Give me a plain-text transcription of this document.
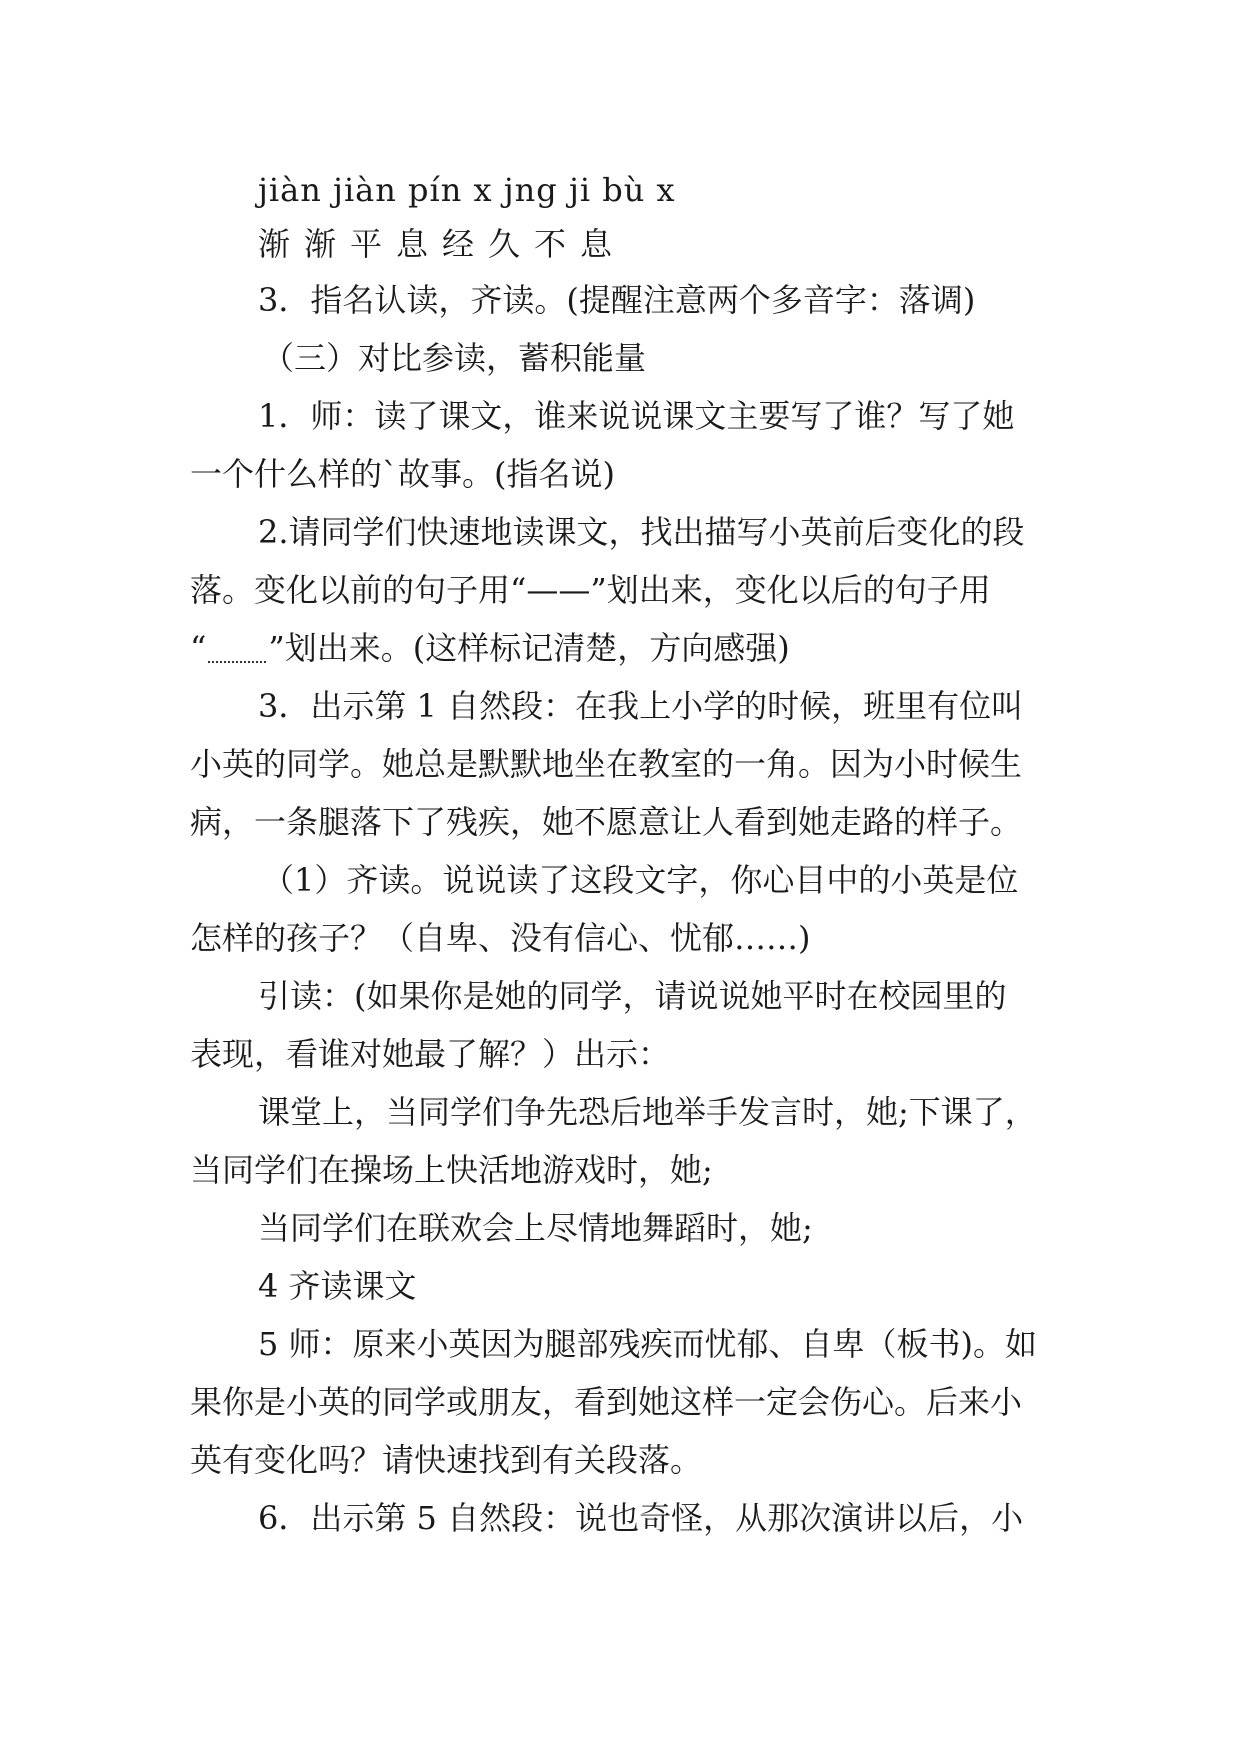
jiàn jiàn pín x jng ji bù x
渐渐平息经久不息
3．指名认读，齐读。(提醒注意两个多音字：落调)
（三）对比参读，蓄积能量
1．师：读了课文，谁来说说课文主要写了谁？写了她
一个什么样的`故事。(指名说)
2.请同学们快速地读课文，找出描写小英前后变化的段
落。变化以前的句子用“——”划出来，变化以后的句子用
“ ”划出来。(这样标记清楚，方向感强)
3．出示第 1 自然段：在我上小学的时候，班里有位叫
小英的同学。她总是默默地坐在教室的一角。因为小时候生
病，一条腿落下了残疾，她不愿意让人看到她走路的样子。
（1）齐读。说说读了这段文字，你心目中的小英是位
怎样的孩子？（自卑、没有信心、忧郁……)
引读：(如果你是她的同学，请说说她平时在校园里的
表现，看谁对她最了解？）出示：
课堂上，当同学们争先恐后地举手发言时，她;下课了，
当同学们在操场上快活地游戏时，她;
当同学们在联欢会上尽情地舞蹈时，她;
4 齐读课文
5 师：原来小英因为腿部残疾而忧郁、自卑（板书)。如
果你是小英的同学或朋友，看到她这样一定会伤心。后来小
英有变化吗？请快速找到有关段落。
6．出示第 5 自然段：说也奇怪，从那次演讲以后，小
